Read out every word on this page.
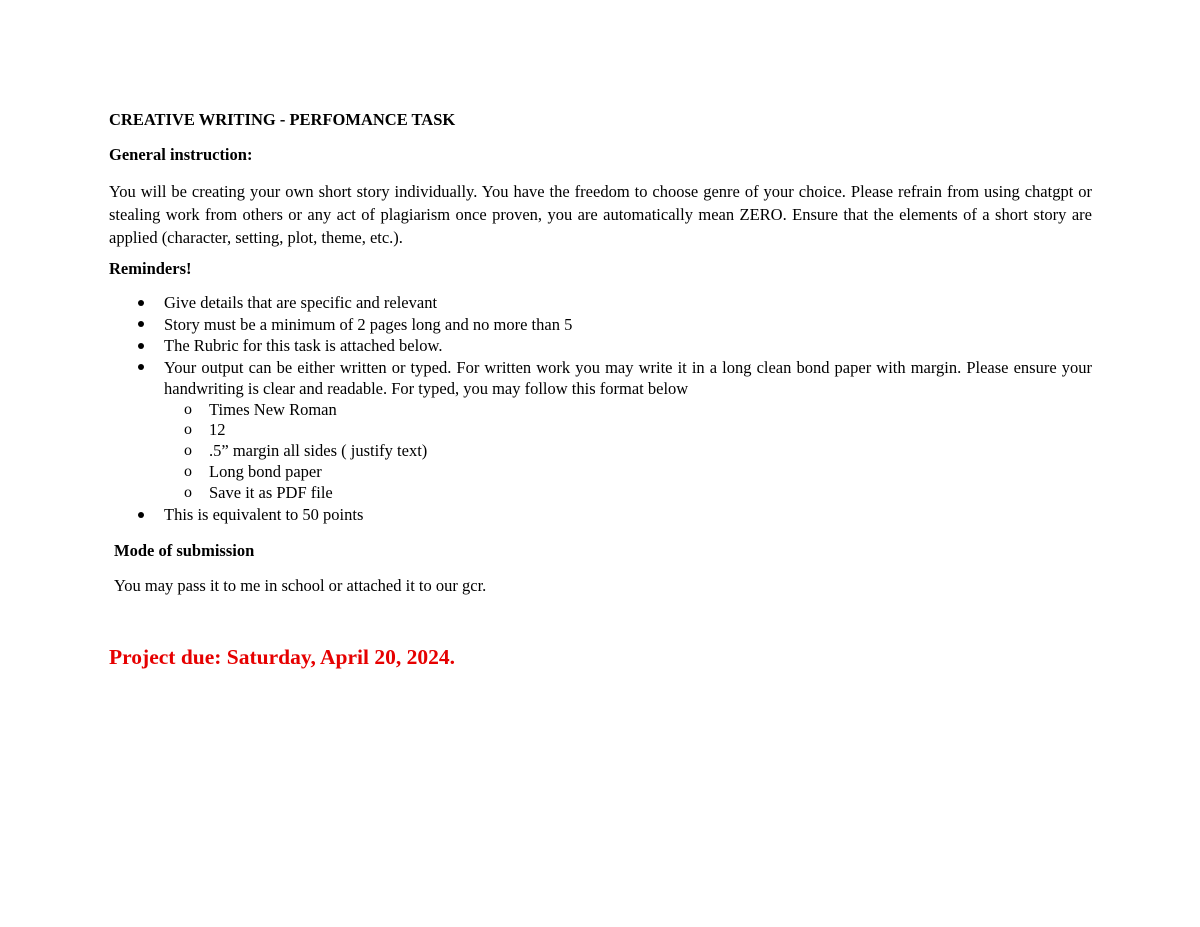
CREATIVE WRITING - PERFOMANCE TASK
General instruction:
You will be creating your own short story individually. You have the freedom to choose genre of your choice. Please refrain from using chatgpt or stealing work from others or any act of plagiarism once proven, you are automatically mean ZERO. Ensure that the elements of a short story are applied (character, setting, plot, theme, etc.).
Reminders!
Give details that are specific and relevant
Story must be a minimum of 2 pages long and no more than 5
The Rubric for this task is attached below.
Your output can be either written or typed. For written work you may write it in a long clean bond paper with margin. Please ensure your handwriting is clear and readable. For typed, you may follow this format below
o Times New Roman
o 12
o .5” margin all sides ( justify text)
o Long bond paper
o Save it as PDF file
This is equivalent to 50 points
Mode of submission
You may pass it to me in school or attached it to our gcr.
Project due: Saturday, April 20, 2024.
